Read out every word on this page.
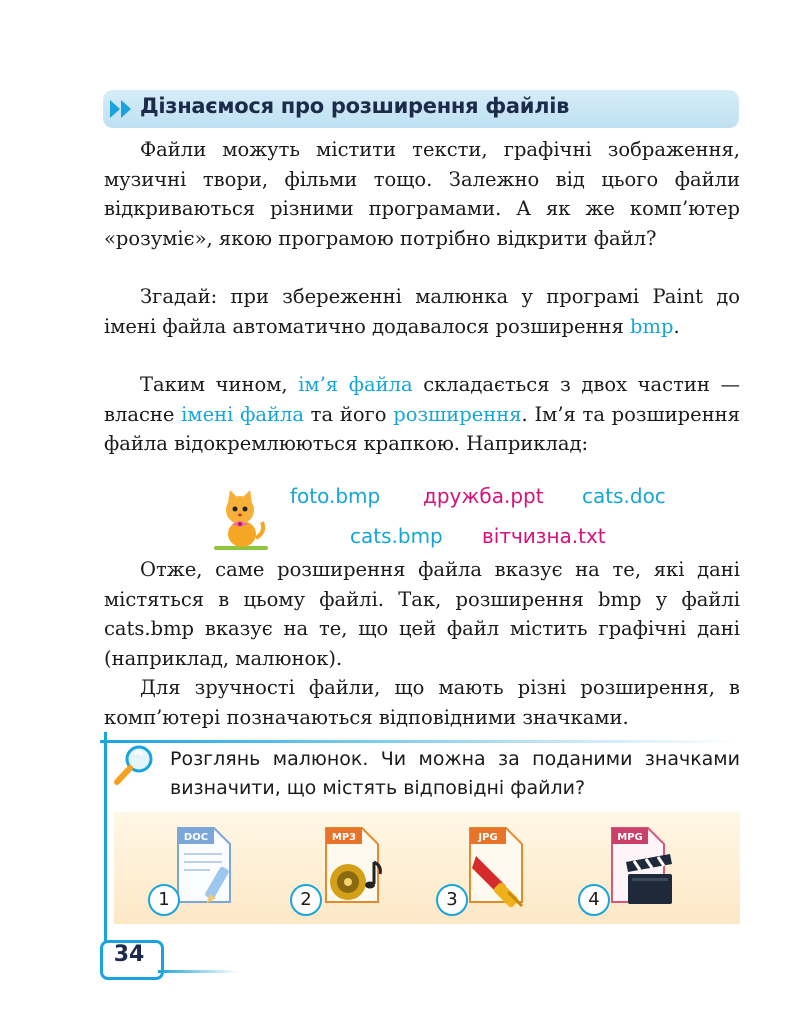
Дізнаємося про розширення файлів

Файли можуть містити тексти, графічні зображення, музичні твори, фільми тощо. Залежно від цього файли відкриваються різними програмами. А як же комп’ютер «розуміє», якою програмою потрібно відкрити файл?

Згадай: при збереженні малюнка у програмі Paint до імені файла автоматично додавалося розширення bmp.

Таким чином, ім’я файла складається з двох частин — власне імені файла та його розширення. Ім’я та розширення файла відокремлюються крапкою. Наприклад:

foto.bmp дружба.ppt cats.doc
cats.bmp вітчизна.txt

Отже, саме розширення файла вказує на те, які дані містяться в цьому файлі. Так, розширення bmp у файлі cats.bmp вказує на те, що цей файл містить графічні дані (наприклад, малюнок).

Для зручності файли, що мають різні розширення, в комп’ютері позначаються відповідними значками.

Розглянь малюнок. Чи можна за поданими значками визначити, що містять відповідні файли?
DOC
1
MP3
2
JPG
3
MPG
4
34
